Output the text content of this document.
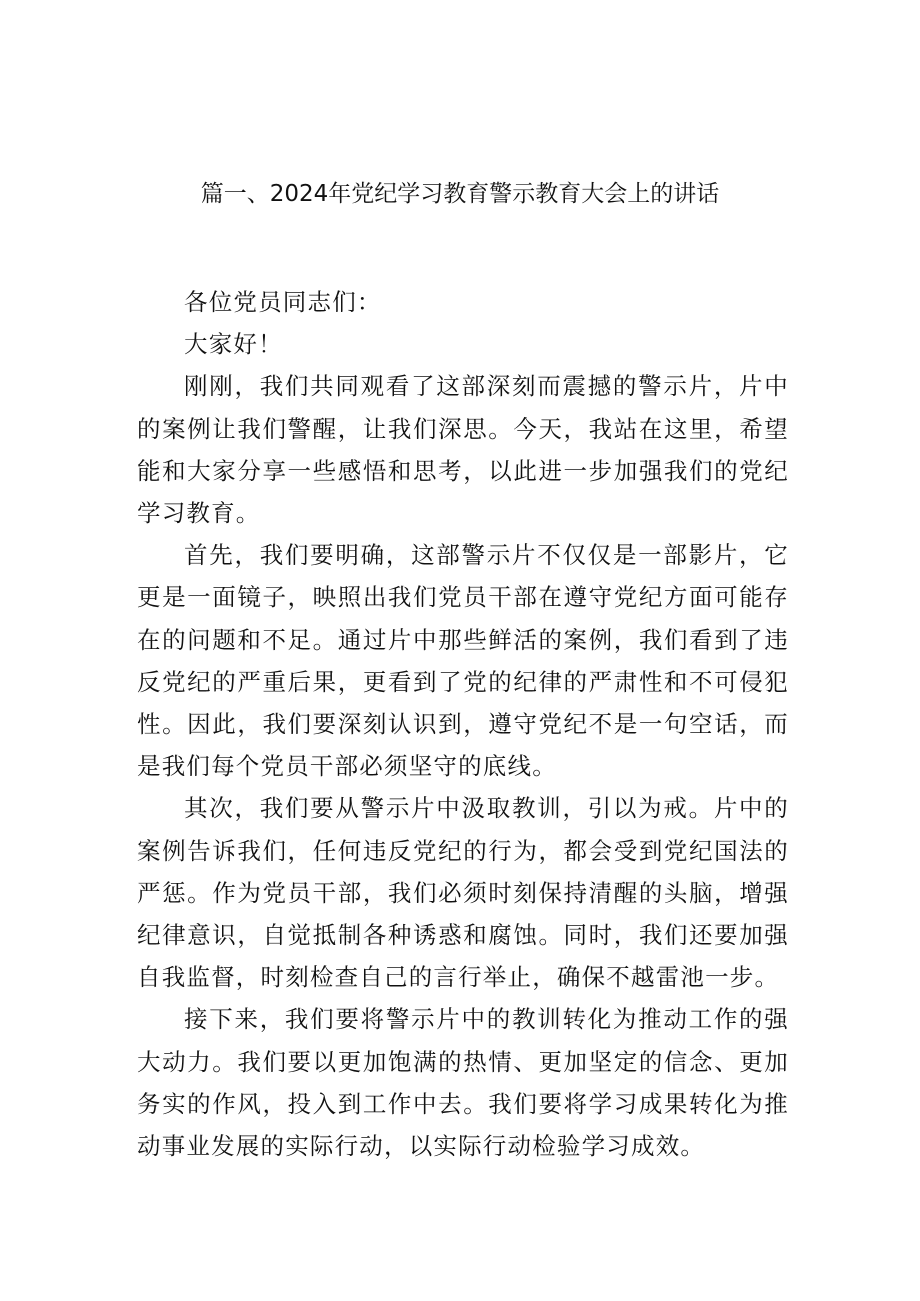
篇一、2024年党纪学习教育警示教育大会上的讲话

各位党员同志们：

大家好！

刚刚，我们共同观看了这部深刻而震撼的警示片，片中的案例让我们警醒，让我们深思。今天，我站在这里，希望能和大家分享一些感悟和思考，以此进一步加强我们的党纪学习教育。

首先，我们要明确，这部警示片不仅仅是一部影片，它更是一面镜子，映照出我们党员干部在遵守党纪方面可能存在的问题和不足。通过片中那些鲜活的案例，我们看到了违反党纪的严重后果，更看到了党的纪律的严肃性和不可侵犯性。因此，我们要深刻认识到，遵守党纪不是一句空话，而是我们每个党员干部必须坚守的底线。

其次，我们要从警示片中汲取教训，引以为戒。片中的案例告诉我们，任何违反党纪的行为，都会受到党纪国法的严惩。作为党员干部，我们必须时刻保持清醒的头脑，增强纪律意识，自觉抵制各种诱惑和腐蚀。同时，我们还要加强自我监督，时刻检查自己的言行举止，确保不越雷池一步。

接下来，我们要将警示片中的教训转化为推动工作的强大动力。我们要以更加饱满的热情、更加坚定的信念、更加务实的作风，投入到工作中去。我们要将学习成果转化为推动事业发展的实际行动，以实际行动检验学习成效。
